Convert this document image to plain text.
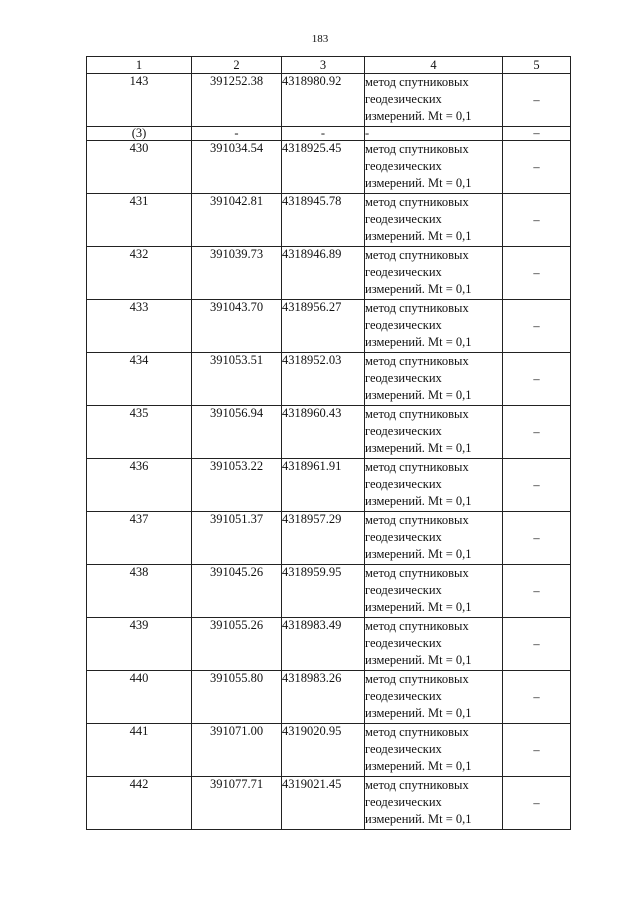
183
1	2	3	4	5
143	391252.38	4318980.92	метод спутниковых
геодезических
измерений. Mt = 0,1	–
(3)	-	-	-	–
430	391034.54	4318925.45	метод спутниковых
геодезических
измерений. Mt = 0,1	–
431	391042.81	4318945.78	метод спутниковых
геодезических
измерений. Mt = 0,1	–
432	391039.73	4318946.89	метод спутниковых
геодезических
измерений. Mt = 0,1	–
433	391043.70	4318956.27	метод спутниковых
геодезических
измерений. Mt = 0,1	–
434	391053.51	4318952.03	метод спутниковых
геодезических
измерений. Mt = 0,1	–
435	391056.94	4318960.43	метод спутниковых
геодезических
измерений. Mt = 0,1	–
436	391053.22	4318961.91	метод спутниковых
геодезических
измерений. Mt = 0,1	–
437	391051.37	4318957.29	метод спутниковых
геодезических
измерений. Mt = 0,1	–
438	391045.26	4318959.95	метод спутниковых
геодезических
измерений. Mt = 0,1	–
439	391055.26	4318983.49	метод спутниковых
геодезических
измерений. Mt = 0,1	–
440	391055.80	4318983.26	метод спутниковых
геодезических
измерений. Mt = 0,1	–
441	391071.00	4319020.95	метод спутниковых
геодезических
измерений. Mt = 0,1	–
442	391077.71	4319021.45	метод спутниковых
геодезических
измерений. Mt = 0,1	–
